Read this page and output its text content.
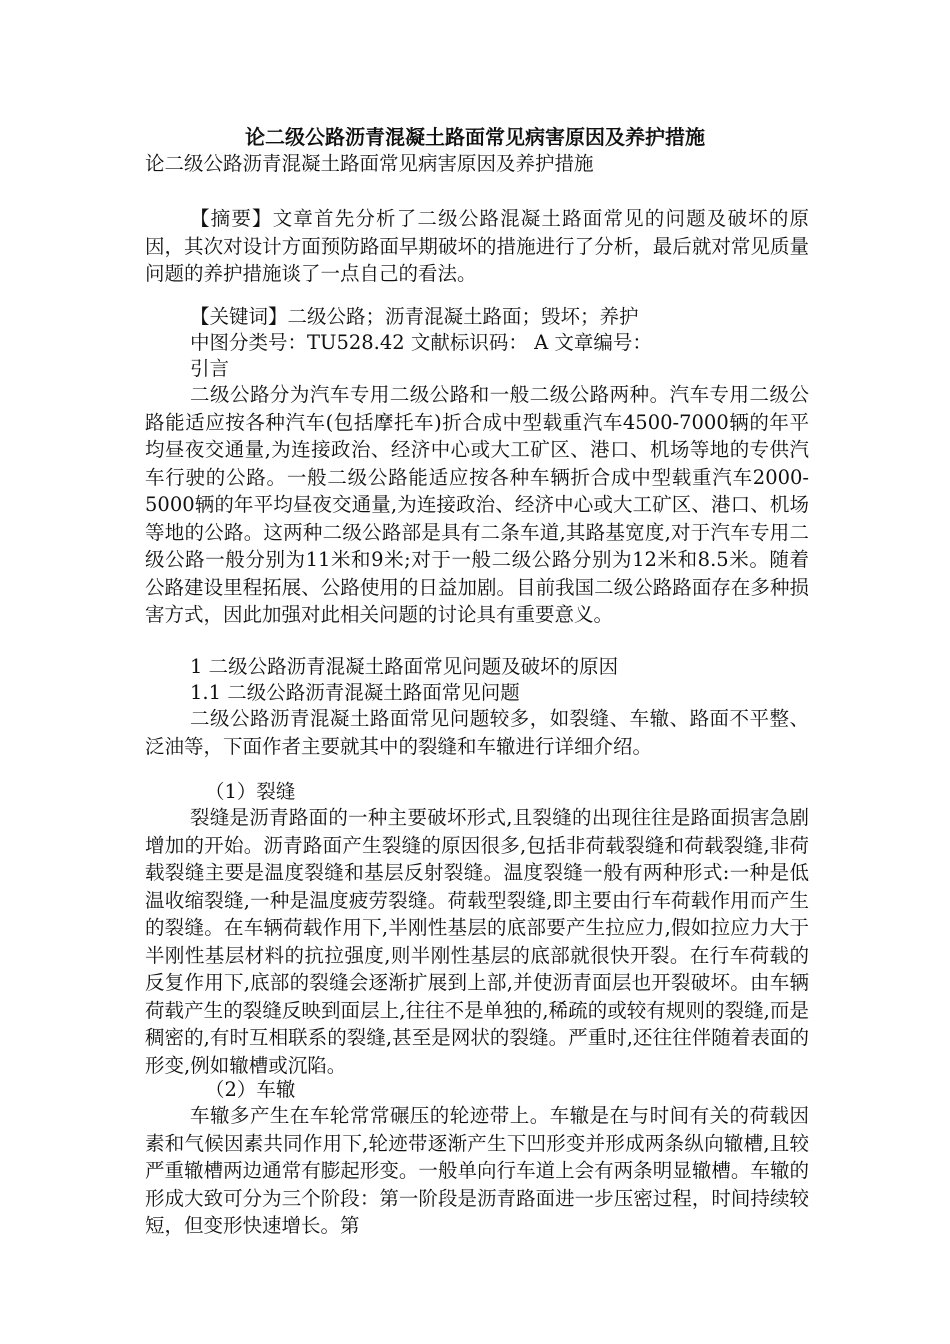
论二级公路沥青混凝土路面常见病害原因及养护措施

论二级公路沥青混凝土路面常见病害原因及养护措施

【摘要】文章首先分析了二级公路混凝土路面常见的问题及破坏的原因，其次对设计方面预防路面早期破坏的措施进行了分析，最后就对常见质量问题的养护措施谈了一点自己的看法。

【关键词】二级公路；沥青混凝土路面；毁坏；养护

中图分类号：TU528.42 文献标识码： A 文章编号：

引言

二级公路分为汽车专用二级公路和一般二级公路两种。汽车专用二级公路能适应按各种汽车(包括摩托车)折合成中型载重汽车4500-7000辆的年平均昼夜交通量,为连接政治、经济中心或大工矿区、港口、机场等地的专供汽车行驶的公路。一般二级公路能适应按各种车辆折合成中型载重汽车2000-5000辆的年平均昼夜交通量,为连接政治、经济中心或大工矿区、港口、机场等地的公路。这两种二级公路部是具有二条车道,其路基宽度,对于汽车专用二级公路一般分别为11米和9米;对于一般二级公路分别为12米和8.5米。随着公路建设里程拓展、公路使用的日益加剧。目前我国二级公路路面存在多种损害方式，因此加强对此相关问题的讨论具有重要意义。

1 二级公路沥青混凝土路面常见问题及破坏的原因

1.1 二级公路沥青混凝土路面常见问题

二级公路沥青混凝土路面常见问题较多，如裂缝、车辙、路面不平整、泛油等，下面作者主要就其中的裂缝和车辙进行详细介绍。

（1）裂缝

裂缝是沥青路面的一种主要破坏形式,且裂缝的出现往往是路面损害急剧增加的开始。沥青路面产生裂缝的原因很多,包括非荷载裂缝和荷载裂缝,非荷载裂缝主要是温度裂缝和基层反射裂缝。温度裂缝一般有两种形式:一种是低温收缩裂缝,一种是温度疲劳裂缝。荷载型裂缝,即主要由行车荷载作用而产生的裂缝。在车辆荷载作用下,半刚性基层的底部要产生拉应力,假如拉应力大于半刚性基层材料的抗拉强度,则半刚性基层的底部就很快开裂。在行车荷载的反复作用下,底部的裂缝会逐渐扩展到上部,并使沥青面层也开裂破坏。由车辆荷载产生的裂缝反映到面层上,往往不是单独的,稀疏的或较有规则的裂缝,而是稠密的,有时互相联系的裂缝,甚至是网状的裂缝。严重时,还往往伴随着表面的形变,例如辙槽或沉陷。

（2）车辙

车辙多产生在车轮常常碾压的轮迹带上。车辙是在与时间有关的荷载因素和气候因素共同作用下,轮迹带逐渐产生下凹形变并形成两条纵向辙槽,且较严重辙槽两边通常有膨起形变。一般单向行车道上会有两条明显辙槽。车辙的形成大致可分为三个阶段：第一阶段是沥青路面进一步压密过程，时间持续较短，但变形快速增长。第
